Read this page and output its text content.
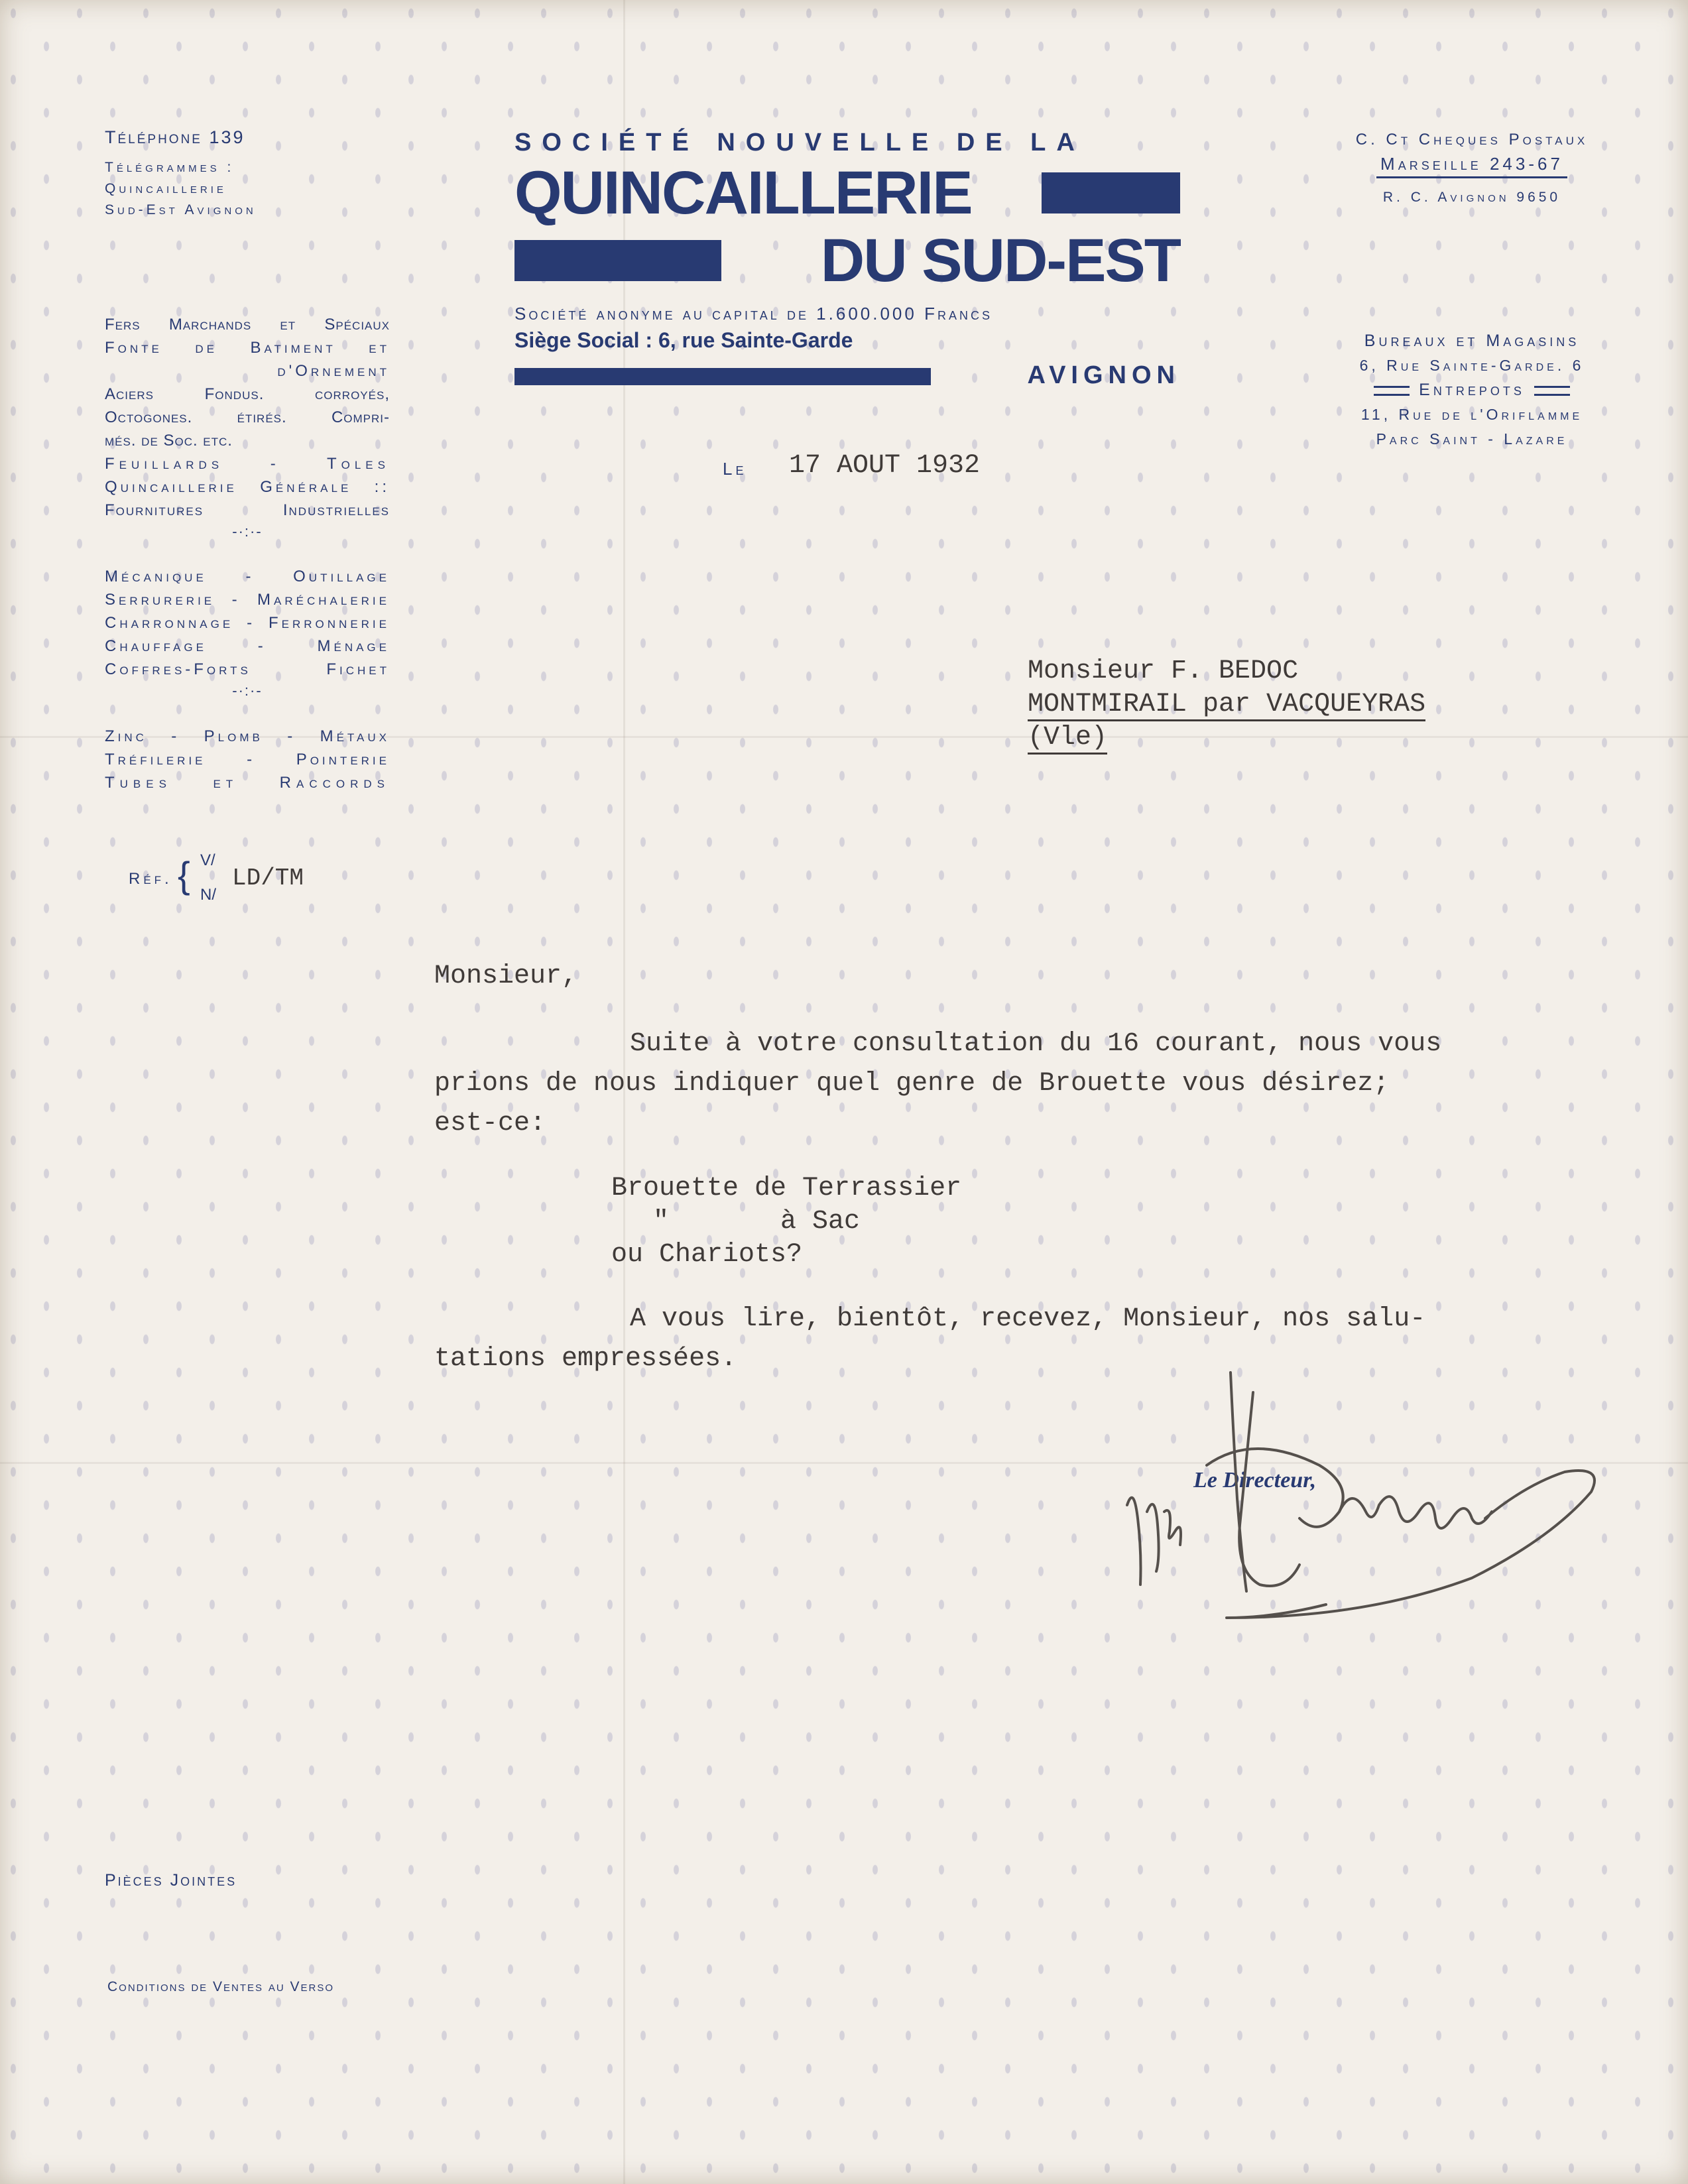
Téléphone 139
Télégrammes :
Quincaillerie
Sud-Est Avignon
Fers Marchands et Spéciaux
Fonte de Batiment et
d'Ornement
Aciers Fondus. corroyés,
Octogones. étirés. Compri-
més. de Soc. etc.
Feuillards - Toles
Quincaillerie Générale ::
Fournitures Industrielles
-·:·-
Mécanique - Outillage
Serrurerie - Maréchalerie
Charronnage - Ferronnerie
Chauffage - Ménage
Coffres-Forts Fichet
-·:·-
Zinc - Plomb - Métaux
Tréfilerie - Pointerie
Tubes et Raccords
Réf. { V/
N/
LD/TM
Pièces Jointes
Conditions de Ventes au Verso
SOCIÉTÉ NOUVELLE DE LA
QUINCAILLERIE
DU SUD-EST
Société anonyme au capital de 1.600.000 Francs
Siège Social : 6, rue Sainte-Garde
AVIGNON
C. Ct Cheques Postaux
Marseille 243-67
R. C. Avignon 9650
Bureaux et Magasins
6, Rue Sainte-Garde. 6
Entrepots
11, Rue de l'Oriflamme
Parc Saint - Lazare
Le 17 AOUT 1932
Monsieur F. BEDOC
MONTMIRAIL par VACQUEYRAS
(Vle)
Monsieur,
Suite à votre consultation du 16 courant, nous vous
prions de nous indiquer quel genre de Brouette vous désirez;
est-ce:
Brouette de Terrassier
"       à Sac
ou Chariots?
A vous lire, bientôt, recevez, Monsieur, nos salu-
tations empressées.
Le Directeur,
